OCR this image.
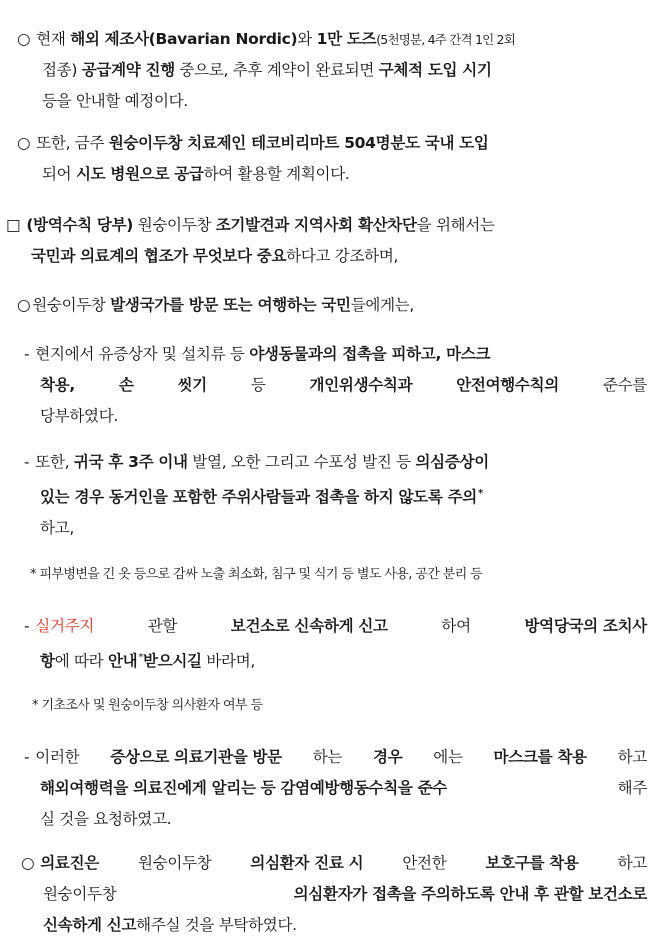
○ 현재 해외 제조사(Bavarian Nordic)와 1만 도즈(5천명분, 4주 간격 1인 2회
접종) 공급계약 진행 중으로, 추후 계약이 완료되면 구체적 도입 시기
등을 안내할 예정이다.
○ 또한, 금주 원숭이두창 치료제인 테코비리마트 504명분도 국내 도입
되어 시도 병원으로 공급하여 활용할 계획이다.
□ (방역수칙 당부) 원숭이두창 조기발견과 지역사회 확산차단을 위해서는
국민과 의료계의 협조가 무엇보다 중요하다고 강조하며,
○ 원숭이두창 발생국가를 방문 또는 여행하는 국민들에게는,
- 현지에서 유증상자 및 설치류 등 야생동물과의 접촉을 피하고, 마스크
착용,	손	씻기	등	개인위생수칙과	안전여행수칙의	준수를
당부하였다.
- 또한, 귀국 후 3주 이내 발열, 오한 그리고 수포성 발진 등 의심증상이
있는 경우 동거인을 포함한 주위사람들과 접촉을 하지 않도록 주의*
하고,
* 피부병변을 긴 옷 등으로 감싸 노출 최소화, 침구 및 식기 등 별도 사용, 공간 분리 등
- 실거주지	관할	보건소로 신속하게 신고	하여	방역당국의 조치사
항에 따라 안내*받으시길 바라며,
* 기초조사 및 원숭이두창 의사환자 여부 등
- 이러한 증상으로 의료기관을 방문 하는 경우 에는 마스크를 착용 하고
해외여행력을 의료진에게 알리는 등 감염예방행동수칙을 준수	해주
실 것을 요청하였고.
○ 의료진은	원숭이두창	의심환자 진료 시	안전한	보호구를 착용	하고
원숭이두창	의심환자가 접촉을 주의하도록 안내 후 관할 보건소로
신속하게 신고해주실 것을 부탁하였다.
